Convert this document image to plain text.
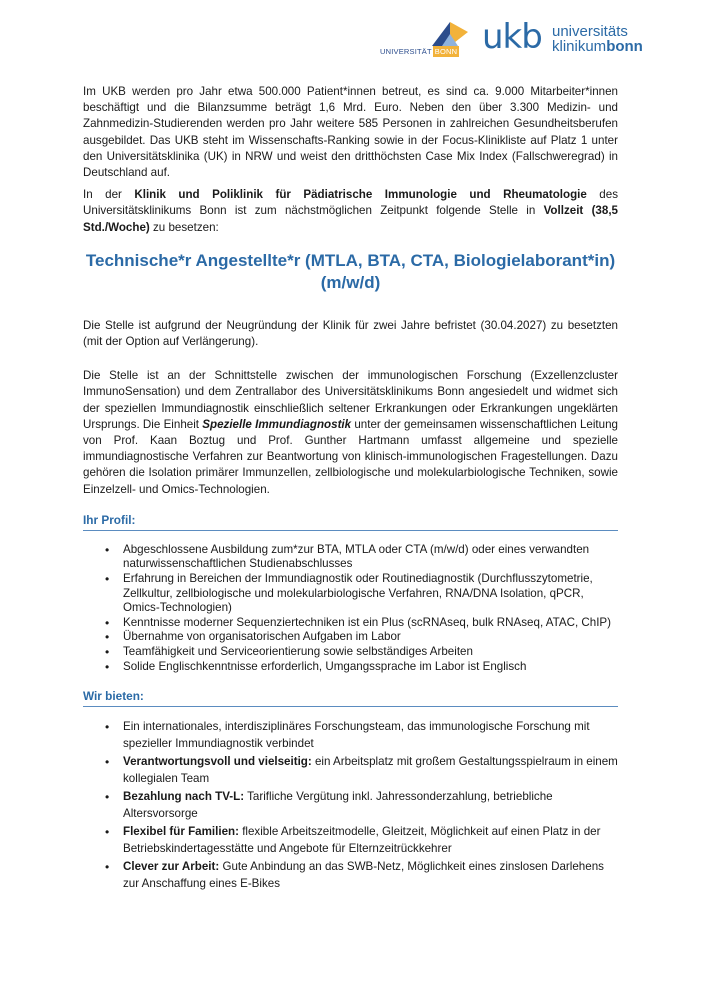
UNIVERSITÄT BONN ukb universitäts
klinikumbonn

Im UKB werden pro Jahr etwa 500.000 Patient*innen betreut, es sind ca. 9.000 Mitarbeiter*innen beschäftigt und die Bilanzsumme beträgt 1,6 Mrd. Euro. Neben den über 3.300 Medizin- und Zahnmedizin-Studierenden werden pro Jahr weitere 585 Personen in zahlreichen Gesundheitsberufen ausgebildet. Das UKB steht im Wissenschafts-Ranking sowie in der Focus-Klinikliste auf Platz 1 unter den Universitätsklinika (UK) in NRW und weist den dritthöchsten Case Mix Index (Fallschweregrad) in Deutschland auf.

In der Klinik und Poliklinik für Pädiatrische Immunologie und Rheumatologie des Universitätsklinikums Bonn ist zum nächstmöglichen Zeitpunkt folgende Stelle in Vollzeit (38,5 Std./Woche) zu besetzen:

Technische*r Angestellte*r (MTLA, BTA, CTA, Biologielaborant*in)
(m/w/d)

Die Stelle ist aufgrund der Neugründung der Klinik für zwei Jahre befristet (30.04.2027) zu besetzten (mit der Option auf Verlängerung).

Die Stelle ist an der Schnittstelle zwischen der immunologischen Forschung (Exzellenzcluster ImmunoSensation) und dem Zentrallabor des Universitätsklinikums Bonn angesiedelt und widmet sich der speziellen Immundiagnostik einschließlich seltener Erkrankungen oder Erkrankungen ungeklärten Ursprungs. Die Einheit Spezielle Immundiagnostik unter der gemeinsamen wissenschaftlichen Leitung von Prof. Kaan Boztug und Prof. Gunther Hartmann umfasst allgemeine und spezielle immundiagnostische Verfahren zur Beantwortung von klinisch-immunologischen Fragestellungen. Dazu gehören die Isolation primärer Immunzellen, zellbiologische und molekularbiologische Techniken, sowie Einzelzell- und Omics-Technologien.

Ihr Profil:
• Abgeschlossene Ausbildung zum*zur BTA, MTLA oder CTA (m/w/d) oder eines verwandten naturwissenschaftlichen Studienabschlusses
• Erfahrung in Bereichen der Immundiagnostik oder Routinediagnostik (Durchflusszytometrie, Zellkultur, zellbiologische und molekularbiologische Verfahren, RNA/DNA Isolation, qPCR, Omics-Technologien)
• Kenntnisse moderner Sequenziertechniken ist ein Plus (scRNAseq, bulk RNAseq, ATAC, ChIP)
• Übernahme von organisatorischen Aufgaben im Labor
• Teamfähigkeit und Serviceorientierung sowie selbständiges Arbeiten
• Solide Englischkenntnisse erforderlich, Umgangssprache im Labor ist Englisch
Wir bieten:
• Ein internationales, interdisziplinäres Forschungsteam, das immunologische Forschung mit spezieller Immundiagnostik verbindet
• Verantwortungsvoll und vielseitig: ein Arbeitsplatz mit großem Gestaltungsspielraum in einem kollegialen Team
• Bezahlung nach TV-L: Tarifliche Vergütung inkl. Jahressonderzahlung, betriebliche Altersvorsorge
• Flexibel für Familien: flexible Arbeitszeitmodelle, Gleitzeit, Möglichkeit auf einen Platz in der Betriebskindertagesstätte und Angebote für Elternzeitrückkehrer
• Clever zur Arbeit: Gute Anbindung an das SWB-Netz, Möglichkeit eines zinslosen Darlehens zur Anschaffung eines E-Bikes
